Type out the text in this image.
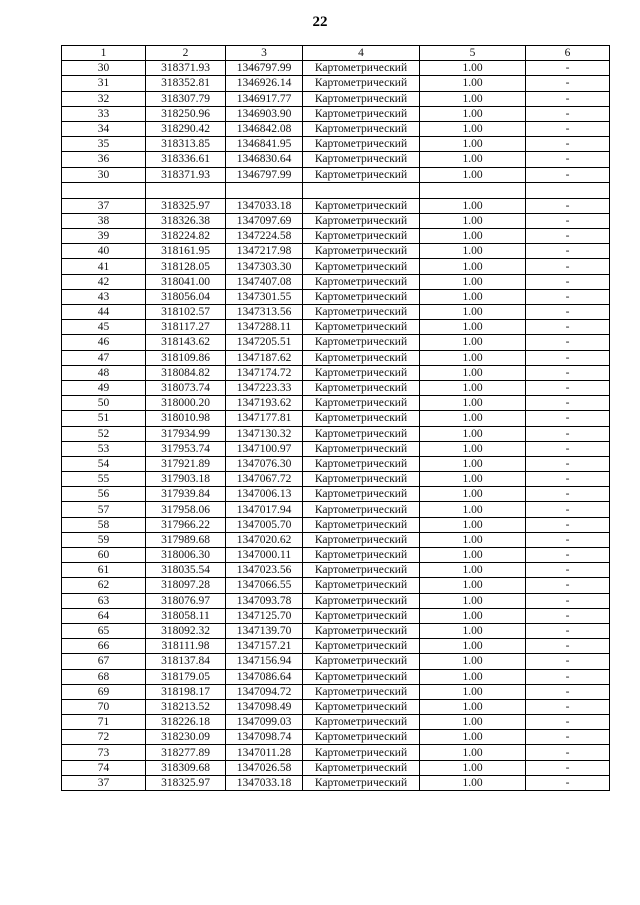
22
1	2	3	4	5	6
30	318371.93	1346797.99	Картометрический	1.00	-
31	318352.81	1346926.14	Картометрический	1.00	-
32	318307.79	1346917.77	Картометрический	1.00	-
33	318250.96	1346903.90	Картометрический	1.00	-
34	318290.42	1346842.08	Картометрический	1.00	-
35	318313.85	1346841.95	Картометрический	1.00	-
36	318336.61	1346830.64	Картометрический	1.00	-
30	318371.93	1346797.99	Картометрический	1.00	-

37	318325.97	1347033.18	Картометрический	1.00	-
38	318326.38	1347097.69	Картометрический	1.00	-
39	318224.82	1347224.58	Картометрический	1.00	-
40	318161.95	1347217.98	Картометрический	1.00	-
41	318128.05	1347303.30	Картометрический	1.00	-
42	318041.00	1347407.08	Картометрический	1.00	-
43	318056.04	1347301.55	Картометрический	1.00	-
44	318102.57	1347313.56	Картометрический	1.00	-
45	318117.27	1347288.11	Картометрический	1.00	-
46	318143.62	1347205.51	Картометрический	1.00	-
47	318109.86	1347187.62	Картометрический	1.00	-
48	318084.82	1347174.72	Картометрический	1.00	-
49	318073.74	1347223.33	Картометрический	1.00	-
50	318000.20	1347193.62	Картометрический	1.00	-
51	318010.98	1347177.81	Картометрический	1.00	-
52	317934.99	1347130.32	Картометрический	1.00	-
53	317953.74	1347100.97	Картометрический	1.00	-
54	317921.89	1347076.30	Картометрический	1.00	-
55	317903.18	1347067.72	Картометрический	1.00	-
56	317939.84	1347006.13	Картометрический	1.00	-
57	317958.06	1347017.94	Картометрический	1.00	-
58	317966.22	1347005.70	Картометрический	1.00	-
59	317989.68	1347020.62	Картометрический	1.00	-
60	318006.30	1347000.11	Картометрический	1.00	-
61	318035.54	1347023.56	Картометрический	1.00	-
62	318097.28	1347066.55	Картометрический	1.00	-
63	318076.97	1347093.78	Картометрический	1.00	-
64	318058.11	1347125.70	Картометрический	1.00	-
65	318092.32	1347139.70	Картометрический	1.00	-
66	318111.98	1347157.21	Картометрический	1.00	-
67	318137.84	1347156.94	Картометрический	1.00	-
68	318179.05	1347086.64	Картометрический	1.00	-
69	318198.17	1347094.72	Картометрический	1.00	-
70	318213.52	1347098.49	Картометрический	1.00	-
71	318226.18	1347099.03	Картометрический	1.00	-
72	318230.09	1347098.74	Картометрический	1.00	-
73	318277.89	1347011.28	Картометрический	1.00	-
74	318309.68	1347026.58	Картометрический	1.00	-
37	318325.97	1347033.18	Картометрический	1.00	-
